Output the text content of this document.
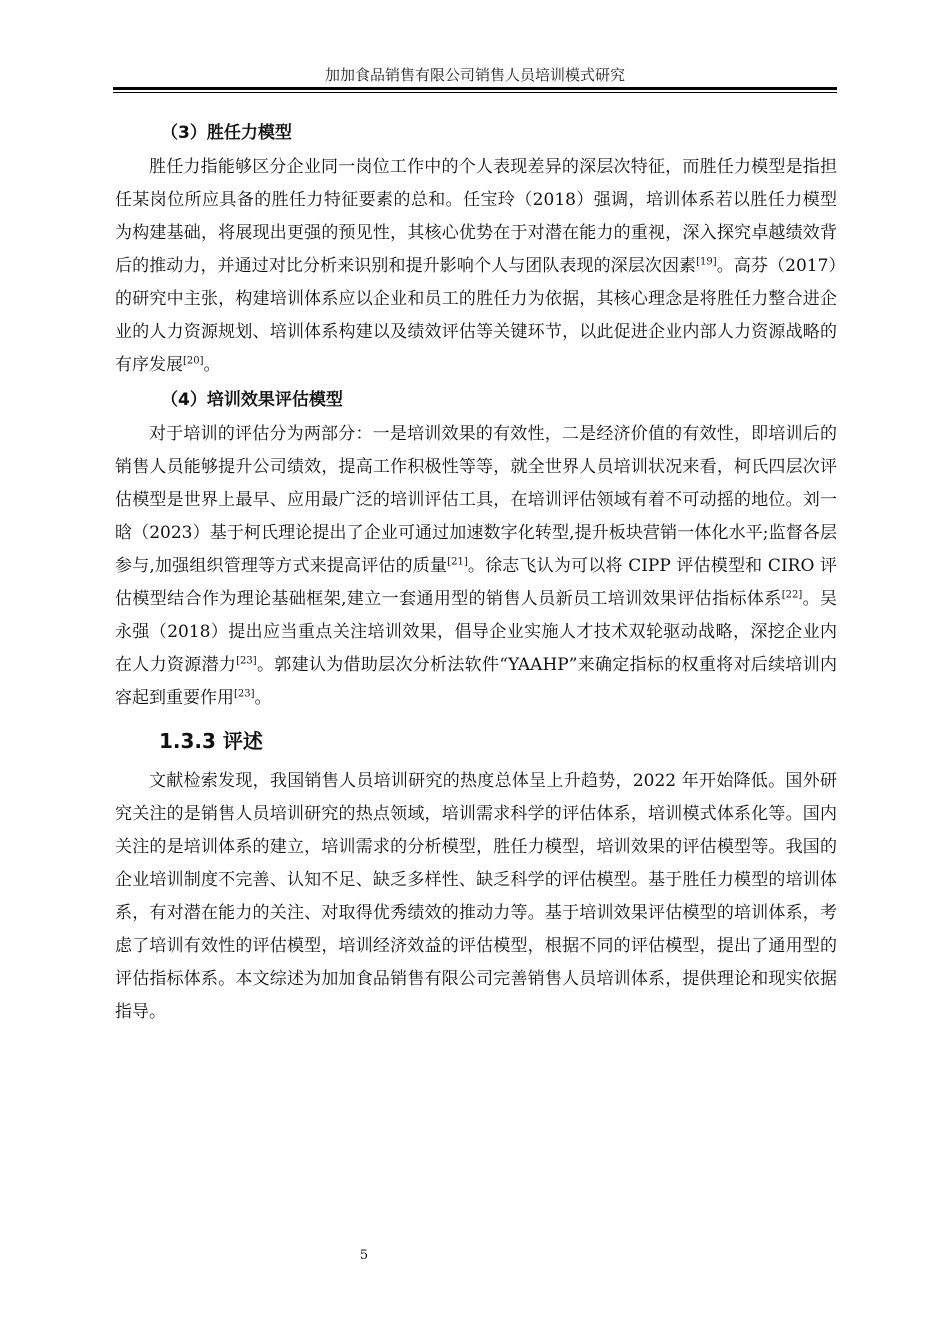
加加食品销售有限公司销售人员培训模式研究
（3）胜任力模型

胜任力指能够区分企业同一岗位工作中的个人表现差异的深层次特征，而胜任力模型是指担任某岗位所应具备的胜任力特征要素的总和。任宝玲（2018）强调，培训体系若以胜任力模型为构建基础，将展现出更强的预见性，其核心优势在于对潜在能力的重视，深入探究卓越绩效背后的推动力，并通过对比分析来识别和提升影响个人与团队表现的深层次因素[19]。高芬（2017）的研究中主张，构建培训体系应以企业和员工的胜任力为依据，其核心理念是将胜任力整合进企业的人力资源规划、培训体系构建以及绩效评估等关键环节，以此促进企业内部人力资源战略的有序发展[20]。

（4）培训效果评估模型

对于培训的评估分为两部分：一是培训效果的有效性，二是经济价值的有效性，即培训后的销售人员能够提升公司绩效，提高工作积极性等等，就全世界人员培训状况来看，柯氏四层次评估模型是世界上最早、应用最广泛的培训评估工具，在培训评估领域有着不可动摇的地位。刘一晗（2023）基于柯氏理论提出了企业可通过加速数字化转型,提升板块营销一体化水平;监督各层参与,加强组织管理等方式来提高评估的质量[21]。徐志飞认为可以将 CIPP 评估模型和 CIRO 评估模型结合作为理论基础框架,建立一套通用型的销售人员新员工培训效果评估指标体系[22]。吴永强（2018）提出应当重点关注培训效果，倡导企业实施人才技术双轮驱动战略，深挖企业内在人力资源潜力[23]。郭建认为借助层次分析法软件“YAAHP”来确定指标的权重将对后续培训内容起到重要作用[23]。

1.3.3 评述

文献检索发现，我国销售人员培训研究的热度总体呈上升趋势，2022 年开始降低。国外研究关注的是销售人员培训研究的热点领域，培训需求科学的评估体系，培训模式体系化等。国内关注的是培训体系的建立，培训需求的分析模型，胜任力模型，培训效果的评估模型等。我国的企业培训制度不完善、认知不足、缺乏多样性、缺乏科学的评估模型。基于胜任力模型的培训体系，有对潜在能力的关注、对取得优秀绩效的推动力等。基于培训效果评估模型的培训体系，考虑了培训有效性的评估模型，培训经济效益的评估模型，根据不同的评估模型，提出了通用型的评估指标体系。本文综述为加加食品销售有限公司完善销售人员培训体系，提供理论和现实依据指导。

5
